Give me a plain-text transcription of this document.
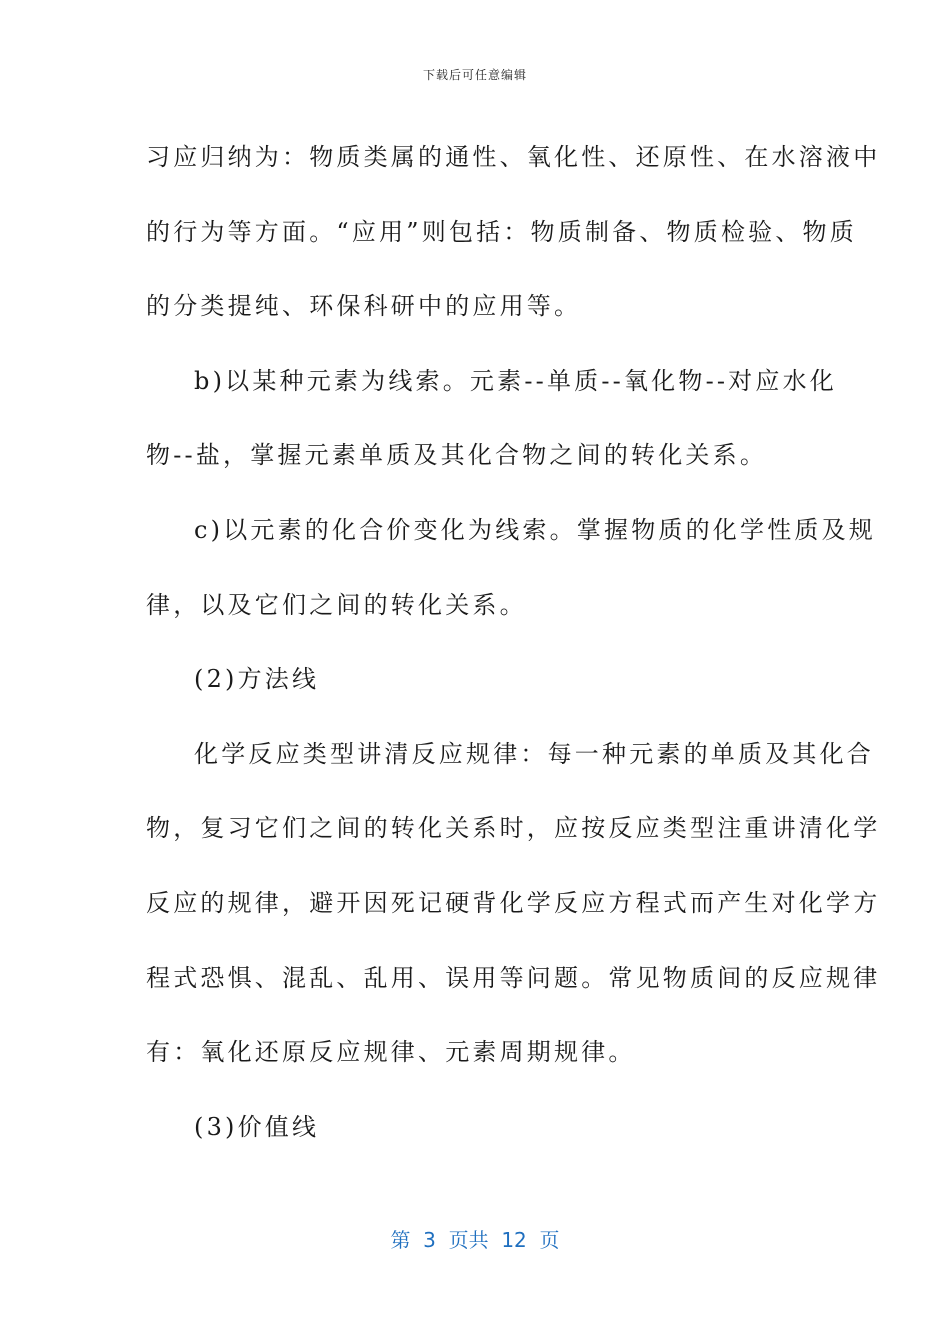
下载后可任意编辑
习应归纳为：物质类属的通性、氧化性、还原性、在水溶液中
的行为等方面。“应用”则包括：物质制备、物质检验、物质
的分类提纯、环保科研中的应用等。
b)以某种元素为线索。元素--单质--氧化物--对应水化
物--盐，掌握元素单质及其化合物之间的转化关系。
c)以元素的化合价变化为线索。掌握物质的化学性质及规
律，以及它们之间的转化关系。
(2)方法线
化学反应类型讲清反应规律：每一种元素的单质及其化合
物，复习它们之间的转化关系时，应按反应类型注重讲清化学
反应的规律，避开因死记硬背化学反应方程式而产生对化学方
程式恐惧、混乱、乱用、误用等问题。常见物质间的反应规律
有：氧化还原反应规律、元素周期规律。
(3)价值线
第  3  页共  12  页
